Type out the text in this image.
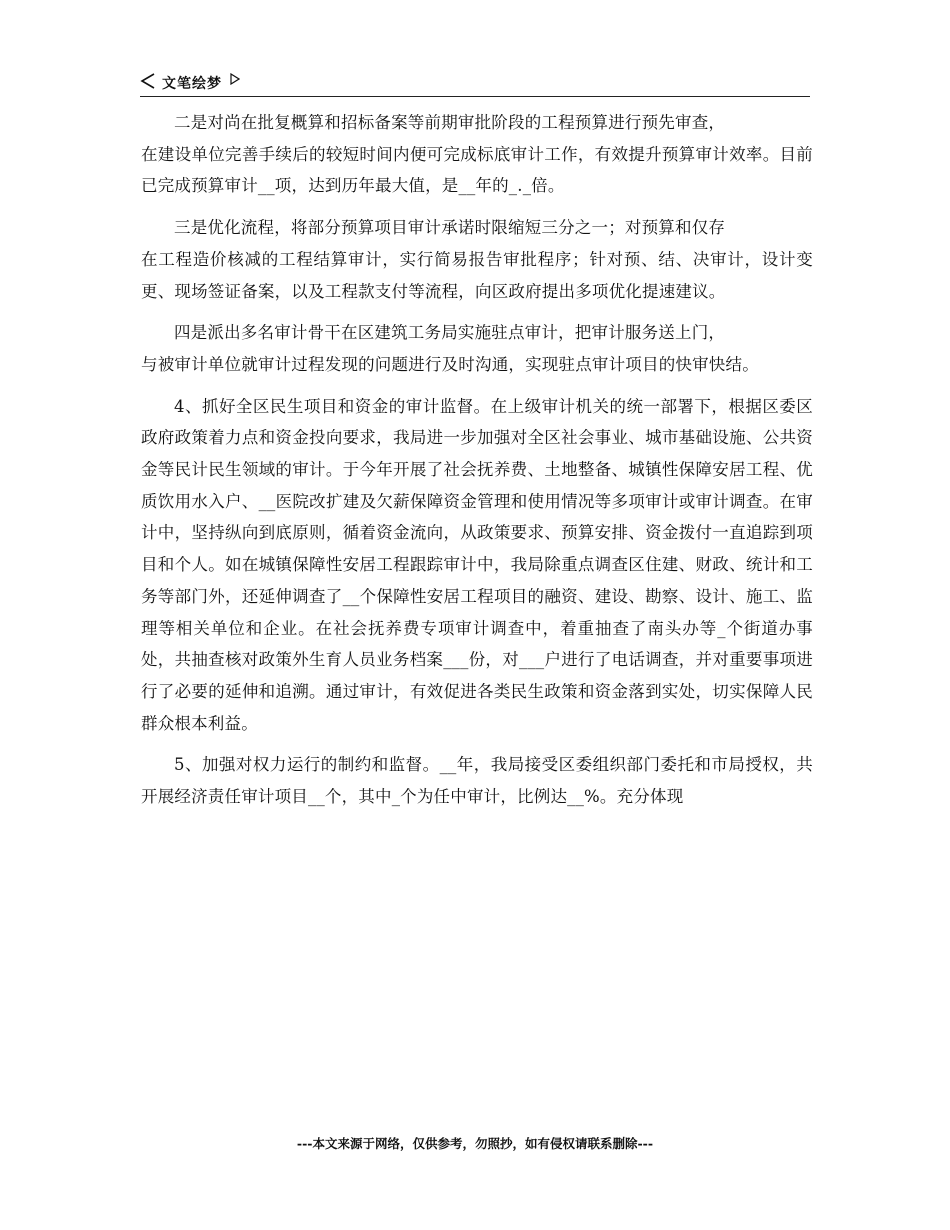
文笔绘梦

二是对尚在批复概算和招标备案等前期审批阶段的工程预算进行预先审查，
在建设单位完善手续后的较短时间内便可完成标底审计工作，有效提升预算审计效率。目前已完成预算审计__项，达到历年最大值，是__年的_._倍。

三是优化流程，将部分预算项目审计承诺时限缩短三分之一；对预算和仅存
在工程造价核减的工程结算审计，实行简易报告审批程序；针对预、结、决审计，设计变更、现场签证备案，以及工程款支付等流程，向区政府提出多项优化提速建议。

四是派出多名审计骨干在区建筑工务局实施驻点审计，把审计服务送上门，
与被审计单位就审计过程发现的问题进行及时沟通，实现驻点审计项目的快审快结。

4、抓好全区民生项目和资金的审计监督。在上级审计机关的统一部署下，根据区委区政府政策着力点和资金投向要求，我局进一步加强对全区社会事业、城市基础设施、公共资金等民计民生领域的审计。于今年开展了社会抚养费、土地整备、城镇性保障安居工程、优质饮用水入户、__医院改扩建及欠薪保障资金管理和使用情况等多项审计或审计调查。在审计中，坚持纵向到底原则，循着资金流向，从政策要求、预算安排、资金拨付一直追踪到项目和个人。如在城镇保障性安居工程跟踪审计中，我局除重点调查区住建、财政、统计和工务等部门外，还延伸调查了__个保障性安居工程项目的融资、建设、勘察、设计、施工、监理等相关单位和企业。在社会抚养费专项审计调查中，着重抽查了南头办等_个街道办事处，共抽查核对政策外生育人员业务档案___份，对___户进行了电话调查，并对重要事项进行了必要的延伸和追溯。通过审计，有效促进各类民生政策和资金落到实处，切实保障人民群众根本利益。

5、加强对权力运行的制约和监督。__年，我局接受区委组织部门委托和市局授权，共开展经济责任审计项目__个，其中_个为任中审计，比例达__%。充分体现

---本文来源于网络，仅供参考，勿照抄，如有侵权请联系删除---
